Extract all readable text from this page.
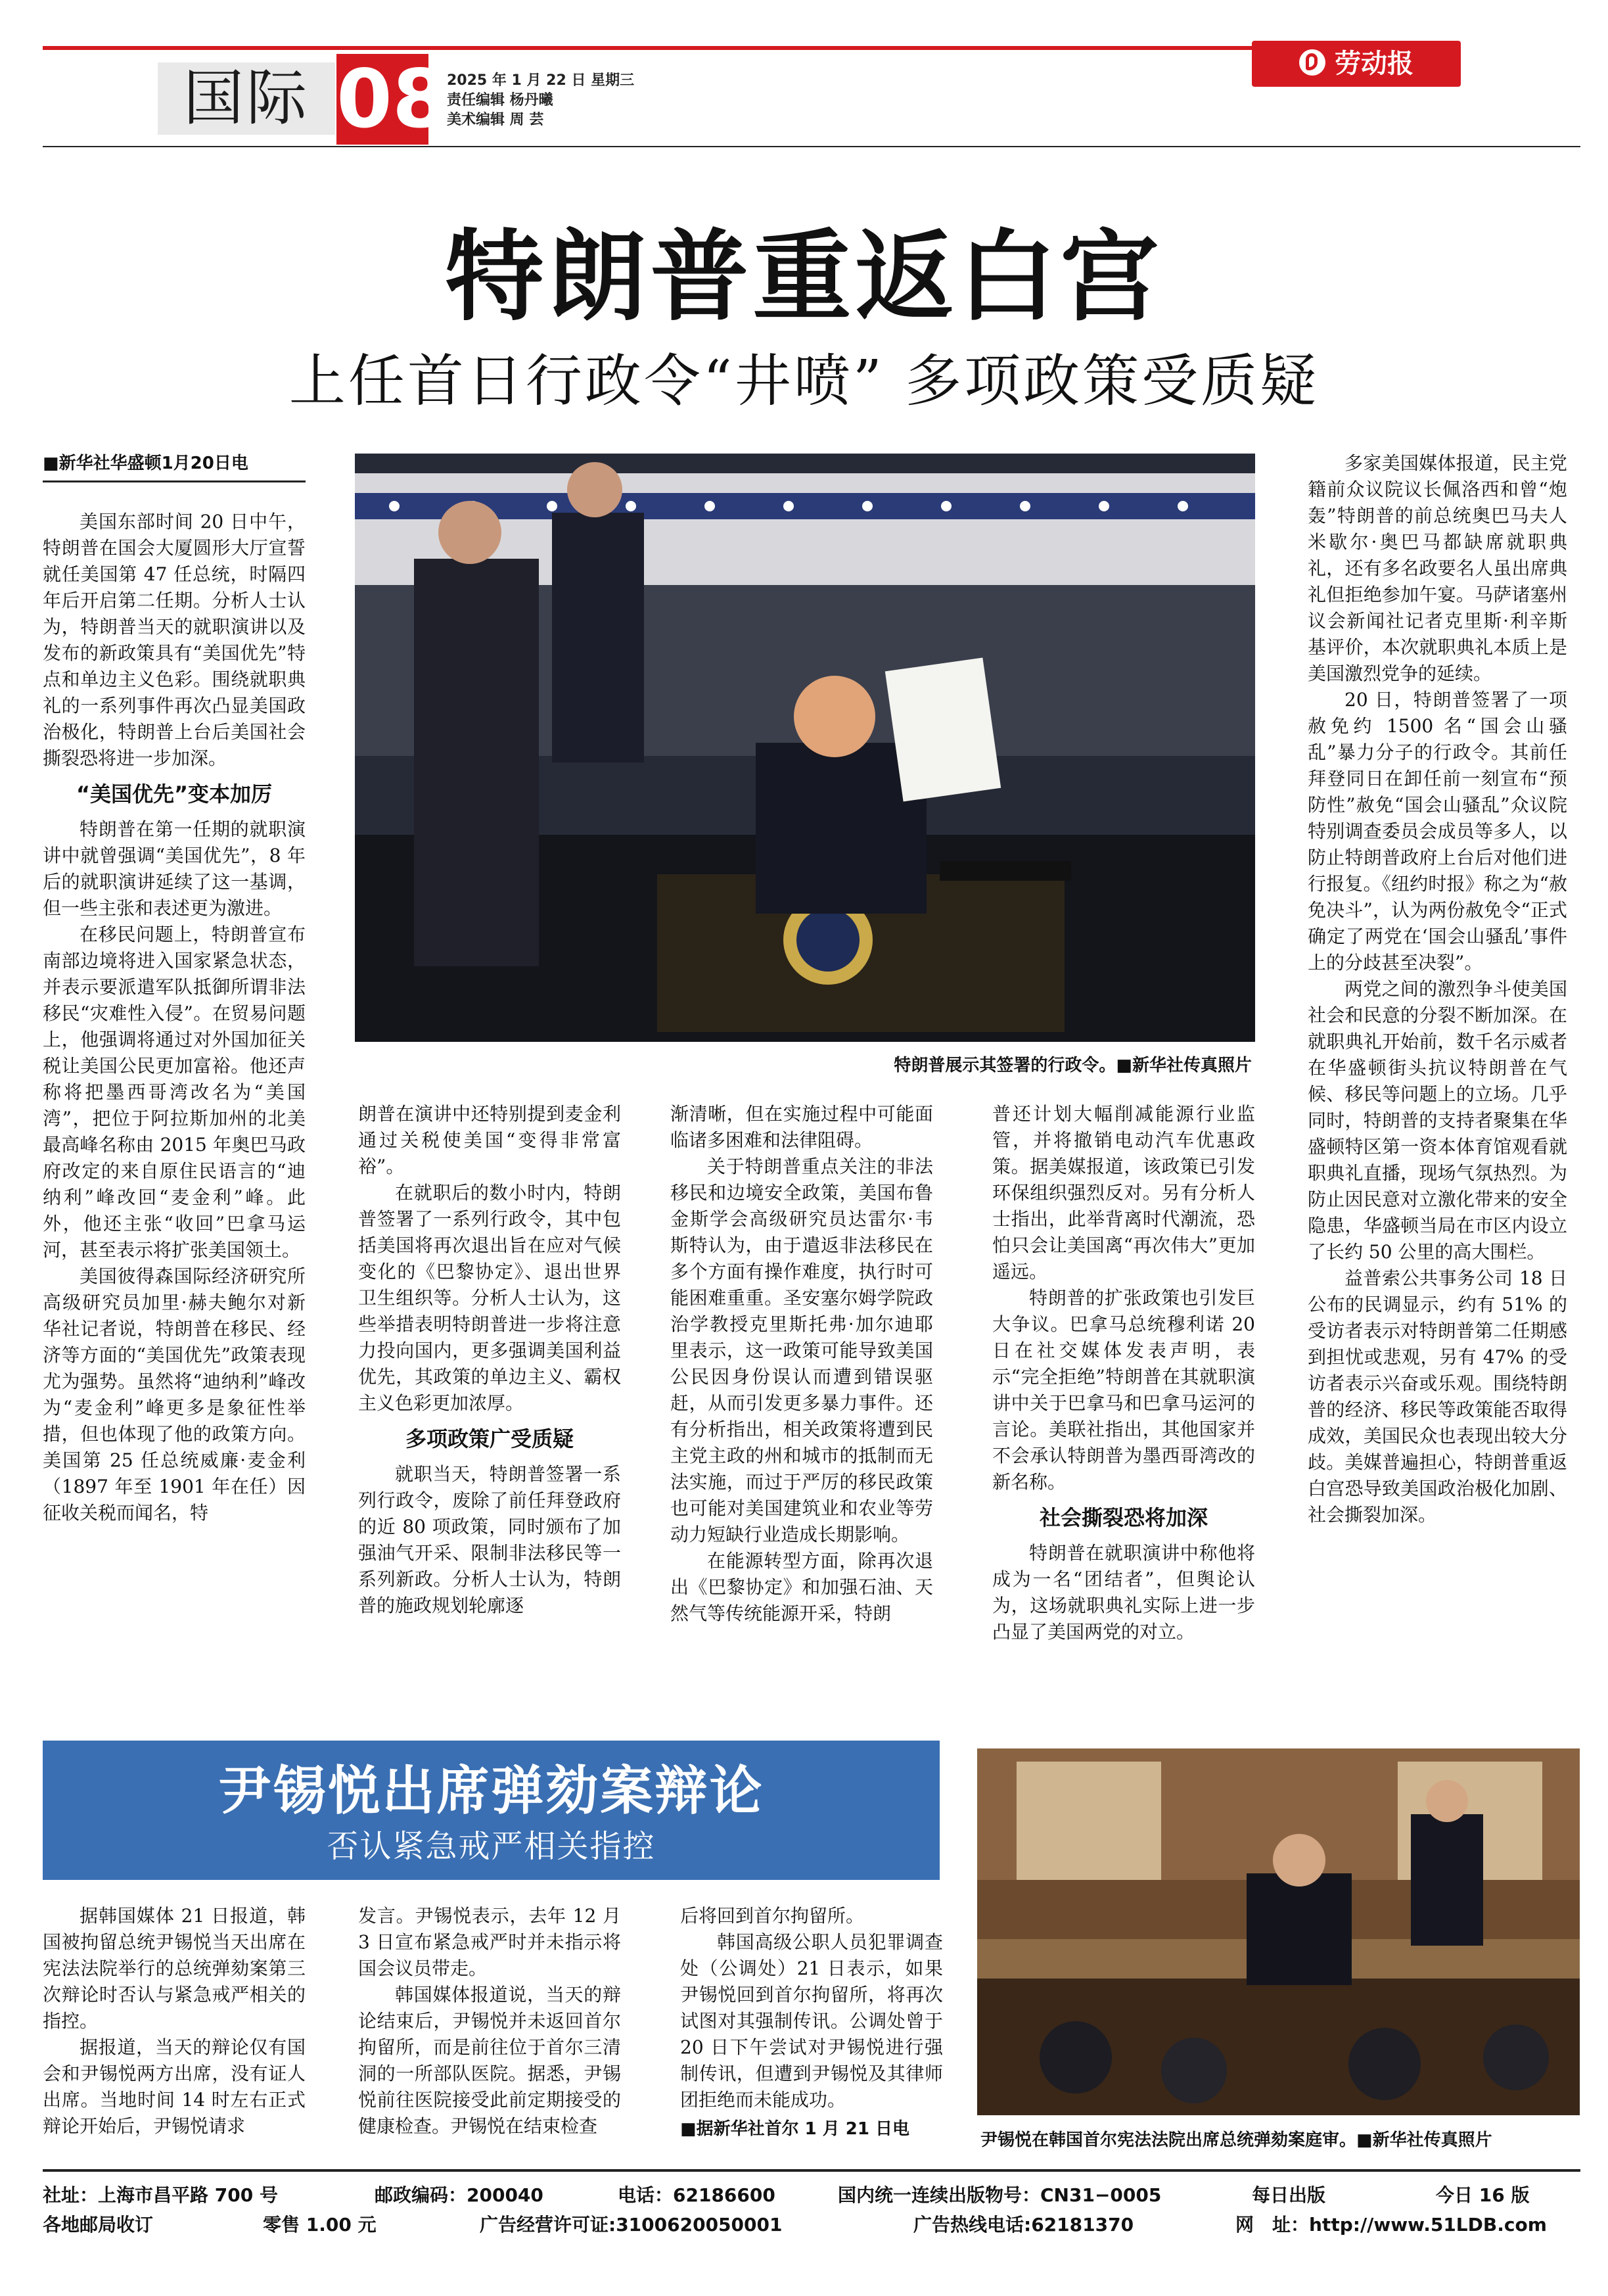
国际 08
2025 年 1 月 22 日 星期三
责任编辑 杨丹曦
美术编辑 周 芸
劳动报
特朗普重返白宫
上任首日行政令“井喷” 多项政策受质疑
■新华社华盛顿1月20日电

美国东部时间 20 日中午，特朗普在国会大厦圆形大厅宣誓就任美国第 47 任总统，时隔四年后开启第二任期。分析人士认为，特朗普当天的就职演讲以及发布的新政策具有“美国优先”特点和单边主义色彩。围绕就职典礼的一系列事件再次凸显美国政治极化，特朗普上台后美国社会撕裂恐将进一步加深。

“美国优先”变本加厉

特朗普在第一任期的就职演讲中就曾强调“美国优先”，8 年后的就职演讲延续了这一基调，但一些主张和表述更为激进。

在移民问题上，特朗普宣布南部边境将进入国家紧急状态，并表示要派遣军队抵御所谓非法移民“灾难性入侵”。在贸易问题上，他强调将通过对外国加征关税让美国公民更加富裕。他还声称将把墨西哥湾改名为“美国湾”，把位于阿拉斯加州的北美最高峰名称由 2015 年奥巴马政府改定的来自原住民语言的“迪纳利”峰改回“麦金利”峰。此外，他还主张“收回”巴拿马运河，甚至表示将扩张美国领土。

美国彼得森国际经济研究所高级研究员加里·赫夫鲍尔对新华社记者说，特朗普在移民、经济等方面的“美国优先”政策表现尤为强势。虽然将“迪纳利”峰改为“麦金利”峰更多是象征性举措，但也体现了他的政策方向。美国第 25 任总统威廉·麦金利（1897 年至 1901 年在任）因征收关税而闻名，特

特朗普展示其签署的行政令。■新华社传真照片

朗普在演讲中还特别提到麦金利通过关税使美国“变得非常富裕”。

在就职后的数小时内，特朗普签署了一系列行政令，其中包括美国将再次退出旨在应对气候变化的《巴黎协定》、退出世界卫生组织等。分析人士认为，这些举措表明特朗普进一步将注意力投向国内，更多强调美国利益优先，其政策的单边主义、霸权主义色彩更加浓厚。

多项政策广受质疑

就职当天，特朗普签署一系列行政令，废除了前任拜登政府的近 80 项政策，同时颁布了加强油气开采、限制非法移民等一系列新政。分析人士认为，特朗普的施政规划轮廓逐

渐清晰，但在实施过程中可能面临诸多困难和法律阻碍。

关于特朗普重点关注的非法移民和边境安全政策，美国布鲁金斯学会高级研究员达雷尔·韦斯特认为，由于遣返非法移民在多个方面有操作难度，执行时可能困难重重。圣安塞尔姆学院政治学教授克里斯托弗·加尔迪耶里表示，这一政策可能导致美国公民因身份误认而遭到错误驱赶，从而引发更多暴力事件。还有分析指出，相关政策将遭到民主党主政的州和城市的抵制而无法实施，而过于严厉的移民政策也可能对美国建筑业和农业等劳动力短缺行业造成长期影响。

在能源转型方面，除再次退出《巴黎协定》和加强石油、天然气等传统能源开采，特朗

普还计划大幅削减能源行业监管，并将撤销电动汽车优惠政策。据美媒报道，该政策已引发环保组织强烈反对。另有分析人士指出，此举背离时代潮流，恐怕只会让美国离“再次伟大”更加遥远。

特朗普的扩张政策也引发巨大争议。巴拿马总统穆利诺 20 日在社交媒体发表声明，表示“完全拒绝”特朗普在其就职演讲中关于巴拿马和巴拿马运河的言论。美联社指出，其他国家并不会承认特朗普为墨西哥湾改的新名称。

社会撕裂恐将加深

特朗普在就职演讲中称他将成为一名“团结者”，但舆论认为，这场就职典礼实际上进一步凸显了美国两党的对立。

多家美国媒体报道，民主党籍前众议院议长佩洛西和曾“炮轰”特朗普的前总统奥巴马夫人米歇尔·奥巴马都缺席就职典礼，还有多名政要名人虽出席典礼但拒绝参加午宴。马萨诸塞州议会新闻社记者克里斯·利辛斯基评价，本次就职典礼本质上是美国激烈党争的延续。

20 日，特朗普签署了一项赦免约 1500 名“国会山骚乱”暴力分子的行政令。其前任拜登同日在卸任前一刻宣布“预防性”赦免“国会山骚乱”众议院特别调查委员会成员等多人，以防止特朗普政府上台后对他们进行报复。《纽约时报》称之为“赦免决斗”，认为两份赦免令“正式确定了两党在‘国会山骚乱’事件上的分歧甚至决裂”。

两党之间的激烈争斗使美国社会和民意的分裂不断加深。在就职典礼开始前，数千名示威者在华盛顿街头抗议特朗普在气候、移民等问题上的立场。几乎同时，特朗普的支持者聚集在华盛顿特区第一资本体育馆观看就职典礼直播，现场气氛热烈。为防止因民意对立激化带来的安全隐患，华盛顿当局在市区内设立了长约 50 公里的高大围栏。

益普索公共事务公司 18 日公布的民调显示，约有 51% 的受访者表示对特朗普第二任期感到担忧或悲观，另有 47% 的受访者表示兴奋或乐观。围绕特朗普的经济、移民等政策能否取得成效，美国民众也表现出较大分歧。美媒普遍担心，特朗普重返白宫恐导致美国政治极化加剧、社会撕裂加深。

尹锡悦出席弹劾案辩论
否认紧急戒严相关指控

据韩国媒体 21 日报道，韩国被拘留总统尹锡悦当天出席在宪法法院举行的总统弹劾案第三次辩论时否认与紧急戒严相关的指控。

据报道，当天的辩论仅有国会和尹锡悦两方出席，没有证人出席。当地时间 14 时左右正式辩论开始后，尹锡悦请求

发言。尹锡悦表示，去年 12 月 3 日宣布紧急戒严时并未指示将国会议员带走。

韩国媒体报道说，当天的辩论结束后，尹锡悦并未返回首尔拘留所，而是前往位于首尔三清洞的一所部队医院。据悉，尹锡悦前往医院接受此前定期接受的健康检查。尹锡悦在结束检查

后将回到首尔拘留所。

韩国高级公职人员犯罪调查处（公调处）21 日表示，如果尹锡悦回到首尔拘留所，将再次试图对其强制传讯。公调处曾于 20 日下午尝试对尹锡悦进行强制传讯，但遭到尹锡悦及其律师团拒绝而未能成功。

■据新华社首尔 1 月 21 日电
尹锡悦在韩国首尔宪法法院出席总统弹劾案庭审。■新华社传真照片
社址：上海市昌平路 700 号	邮政编码：200040	电话：62186600	国内统一连续出版物号：CN31−0005	每日出版	今日 16 版
各地邮局收订	零售 1.00 元	广告经营许可证:3100620050001	广告热线电话:62181370	网　址：http://www.51LDB.com
